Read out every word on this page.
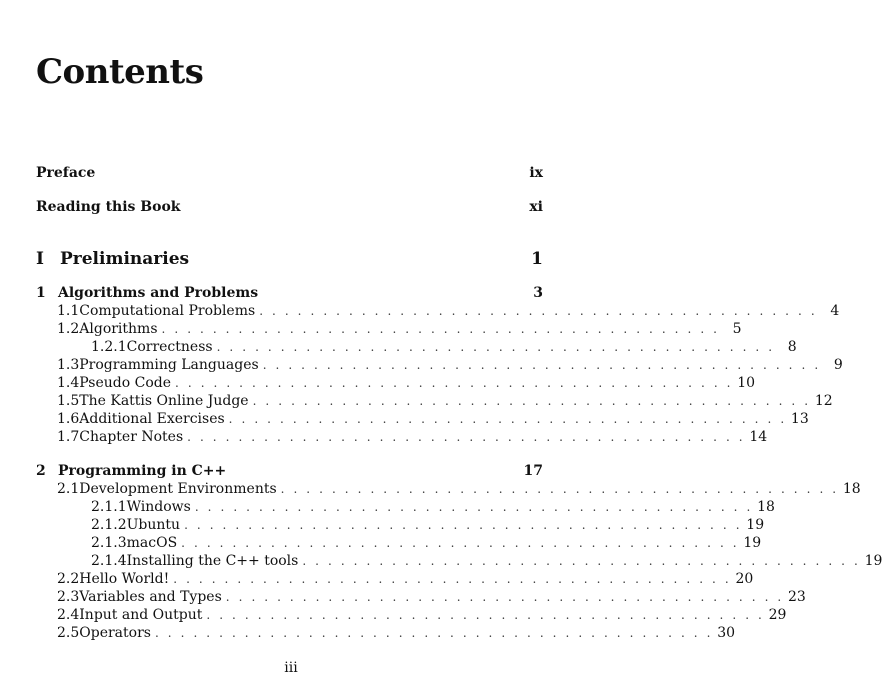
Contents
Preface	ix
Reading this Book	xi
I Preliminaries	1
1 Algorithms and Problems	3
1.1 Computational Problems . . . . . . . . . . . . . . . . . . . . . . . . . . . . . . . . . . . . . . . . . . . . 4
1.2 Algorithms . . . . . . . . . . . . . . . . . . . . . . . . . . . . . . . . . . . . . . . . . . . . 5
1.2.1 Correctness . . . . . . . . . . . . . . . . . . . . . . . . . . . . . . . . . . . . . . . . . . . . 8
1.3 Programming Languages . . . . . . . . . . . . . . . . . . . . . . . . . . . . . . . . . . . . . . . . . . . . 9
1.4 Pseudo Code . . . . . . . . . . . . . . . . . . . . . . . . . . . . . . . . . . . . . . . . . . . . 10
1.5 The Kattis Online Judge . . . . . . . . . . . . . . . . . . . . . . . . . . . . . . . . . . . . . . . . . . . . 12
1.6 Additional Exercises . . . . . . . . . . . . . . . . . . . . . . . . . . . . . . . . . . . . . . . . . . . . 13
1.7 Chapter Notes . . . . . . . . . . . . . . . . . . . . . . . . . . . . . . . . . . . . . . . . . . . . 14
2 Programming in C++	17
2.1 Development Environments . . . . . . . . . . . . . . . . . . . . . . . . . . . . . . . . . . . . . . . . . . . . 18
2.1.1 Windows . . . . . . . . . . . . . . . . . . . . . . . . . . . . . . . . . . . . . . . . . . . . 18
2.1.2 Ubuntu . . . . . . . . . . . . . . . . . . . . . . . . . . . . . . . . . . . . . . . . . . . . 19
2.1.3 macOS . . . . . . . . . . . . . . . . . . . . . . . . . . . . . . . . . . . . . . . . . . . . 19
2.1.4 Installing the C++ tools . . . . . . . . . . . . . . . . . . . . . . . . . . . . . . . . . . . . . . . . . . . . 19
2.2 Hello World! . . . . . . . . . . . . . . . . . . . . . . . . . . . . . . . . . . . . . . . . . . . . 20
2.3 Variables and Types . . . . . . . . . . . . . . . . . . . . . . . . . . . . . . . . . . . . . . . . . . . . 23
2.4 Input and Output . . . . . . . . . . . . . . . . . . . . . . . . . . . . . . . . . . . . . . . . . . . . 29
2.5 Operators . . . . . . . . . . . . . . . . . . . . . . . . . . . . . . . . . . . . . . . . . . . . 30
iii
